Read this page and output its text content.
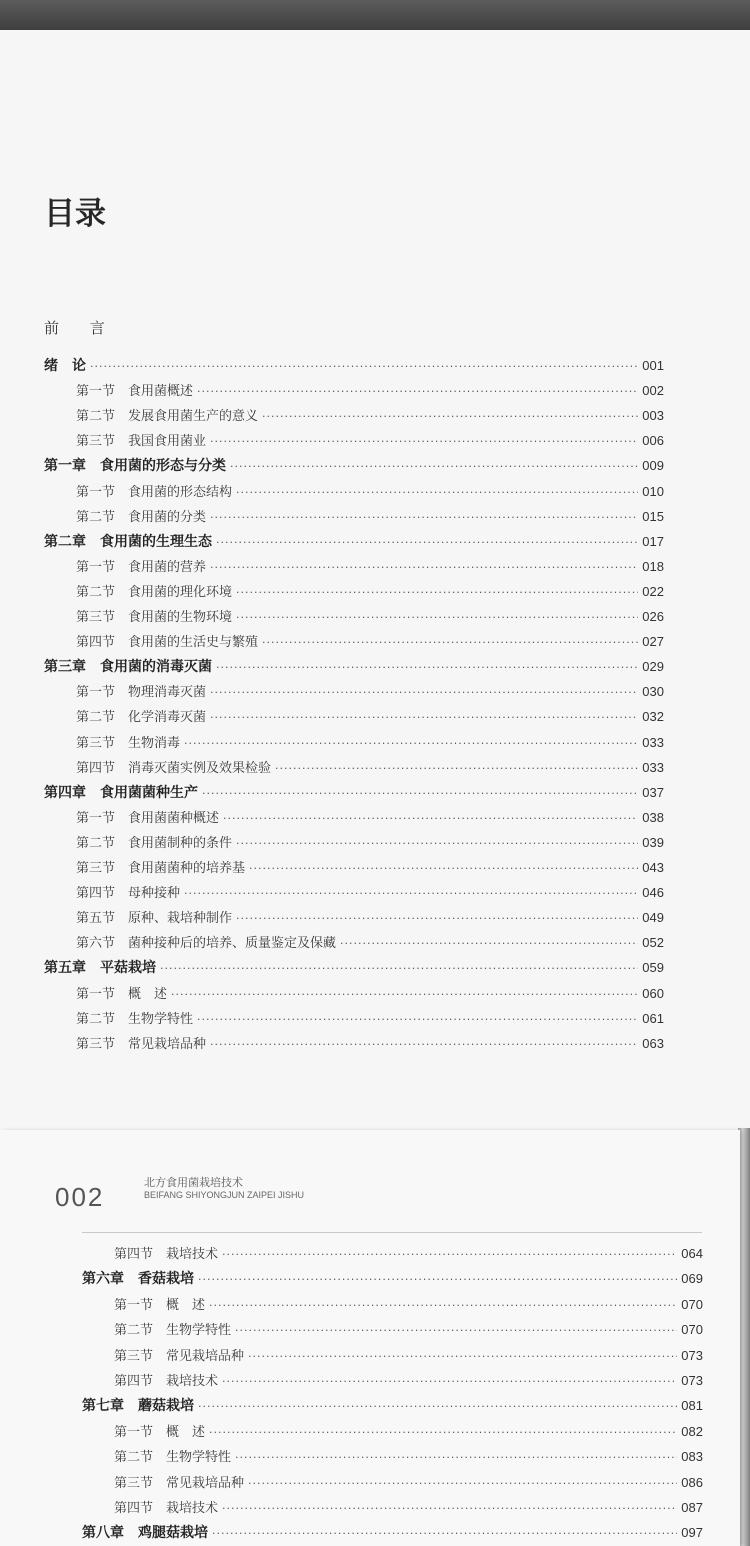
目录
前 言
绪　论 ·····	001
第一节　食用菌概述 ·····	002
第二节　发展食用菌生产的意义 ·····	003
第三节　我国食用菌业 ·····	006
第一章　食用菌的形态与分类 ·····	009
第一节　食用菌的形态结构 ·····	010
第二节　食用菌的分类 ·····	015
第二章　食用菌的生理生态 ·····	017
第一节　食用菌的营养 ·····	018
第二节　食用菌的理化环境 ·····	022
第三节　食用菌的生物环境 ·····	026
第四节　食用菌的生活史与繁殖 ·····	027
第三章　食用菌的消毒灭菌 ·····	029
第一节　物理消毒灭菌 ·····	030
第二节　化学消毒灭菌 ·····	032
第三节　生物消毒 ·····	033
第四节　消毒灭菌实例及效果检验 ·····	033
第四章　食用菌菌种生产 ·····	037
第一节　食用菌菌种概述 ·····	038
第二节　食用菌制种的条件 ·····	039
第三节　食用菌菌种的培养基 ·····	043
第四节　母种接种 ·····	046
第五节　原种、栽培种制作 ·····	049
第六节　菌种接种后的培养、质量鉴定及保藏 ·····	052
第五章　平菇栽培 ·····	059
第一节　概　述 ·····	060
第二节　生物学特性 ·····	061
第三节　常见栽培品种 ·····	063
002	北方食用菌栽培技术
BEIFANG SHIYONGJUN ZAIPEI JISHU
第四节　栽培技术 ·····	064
第六章　香菇栽培 ·····	069
第一节　概　述 ·····	070
第二节　生物学特性 ·····	070
第三节　常见栽培品种 ·····	073
第四节　栽培技术 ·····	073
第七章　蘑菇栽培 ·····	081
第一节　概　述 ·····	082
第二节　生物学特性 ·····	083
第三节　常见栽培品种 ·····	086
第四节　栽培技术 ·····	087
第八章　鸡腿菇栽培 ·····	097
